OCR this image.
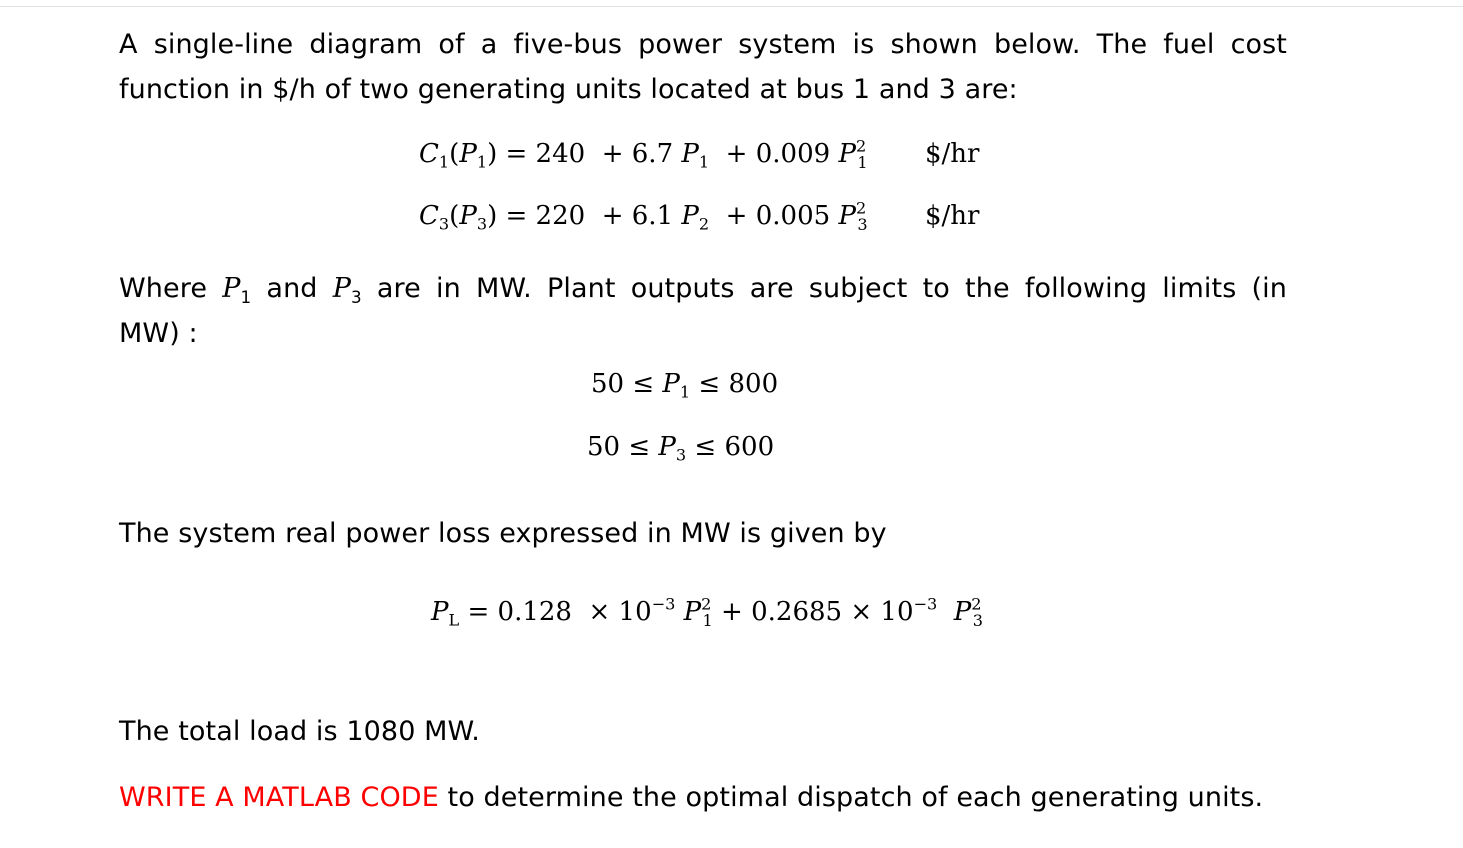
A single-line diagram of a five-bus power system is shown below. The fuel cost
function in $/h of two generating units located at bus 1 and 3 are:
$C_1(P_1) = 240 + 6.7$ $P_1 + 0.009$ $P^2_1$ $/hr
$C_3(P_3) = 220 + 6.1$ $P_2 + 0.005$ $P^2_3$ $/hr
Where $P_1$ and $P_3$ are in MW. Plant outputs are subject to the following limits (in
MW) :
$50 \le P_1 \le 800$
$50 \le P_3 \le 600$
The system real power loss expressed in MW is given by
$P_L = 0.128 \times 10^{-3}$ $P^2_1 + 0.2685 \times 10^{-3}$ $P^2_3$
The total load is 1080 MW.
WRITE A MATLAB CODE to determine the optimal dispatch of each generating units.
